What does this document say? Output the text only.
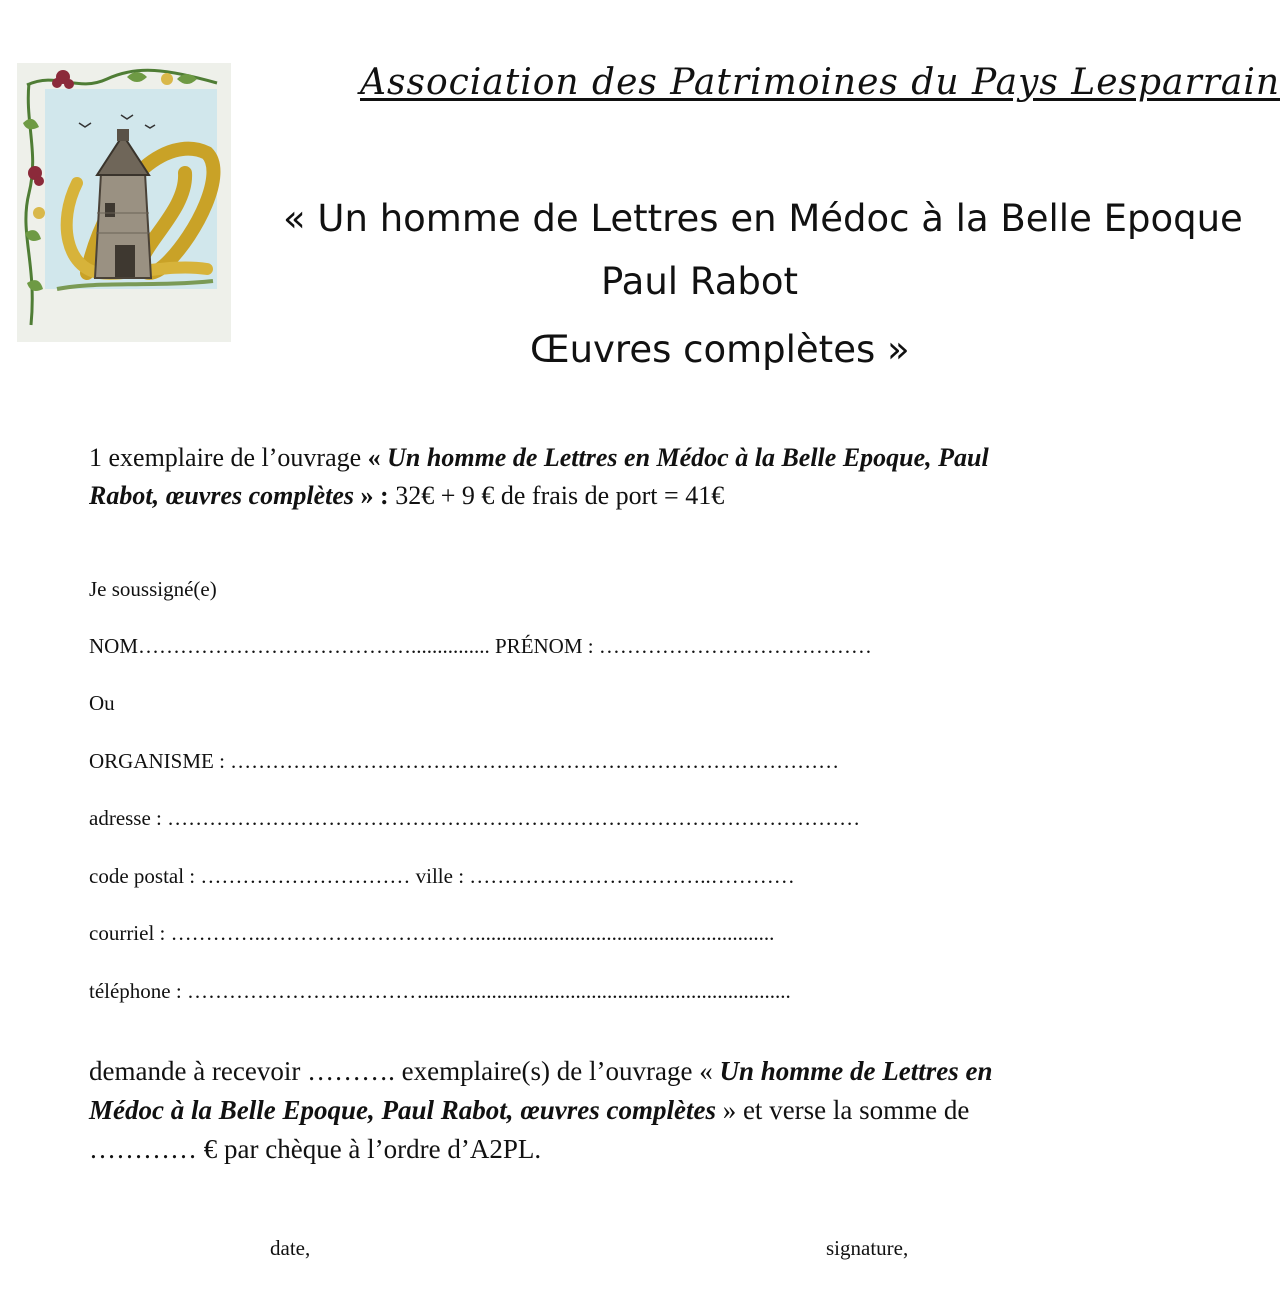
Association des Patrimoines du Pays Lesparrain
« Un homme de Lettres en Médoc à la Belle Epoque
Paul Rabot
Œuvres complètes »
1 exemplaire de l’ouvrage « Un homme de Lettres en Médoc à la Belle Epoque, Paul
Rabot, œuvres complètes » : 32€ + 9 € de frais de port = 41€
Je soussigné(e)
NOM…………………………………............... PRÉNOM : …………………………………
Ou
ORGANISME : ……………………………………………………………………………
adresse : ………………………………………………………………………………………
code postal : ………………………… ville : ……………………………..…………
courriel : …………..………………………….........................................................
téléphone : …………………….………......................................................................
demande à recevoir ………. exemplaire(s) de l’ouvrage « Un homme de Lettres en
Médoc à la Belle Epoque, Paul Rabot, œuvres complètes » et verse la somme de
………… € par chèque à l’ordre d’A2PL.
date,	signature,
